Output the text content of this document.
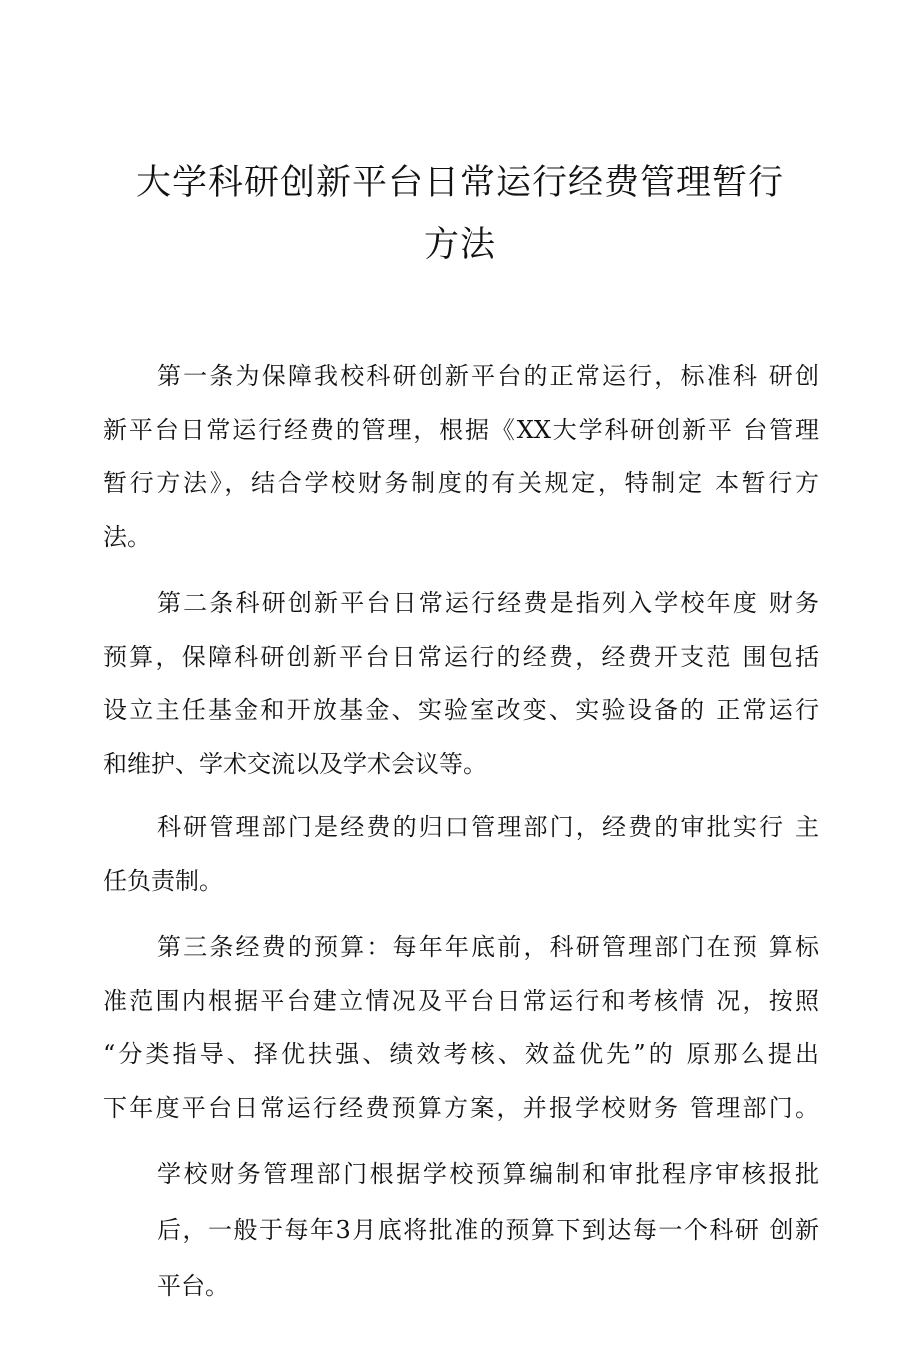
大学科研创新平台日常运行经费管理暂行
方法
第一条为保障我校科研创新平台的正常运行，标准科 研创
新平台日常运行经费的管理，根据《XX大学科研创新平 台管理
暂行方法》，结合学校财务制度的有关规定，特制定 本暂行方
法。
第二条科研创新平台日常运行经费是指列入学校年度 财务
预算，保障科研创新平台日常运行的经费，经费开支范 围包括
设立主任基金和开放基金、实验室改变、实验设备的 正常运行
和维护、学术交流以及学术会议等。
科研管理部门是经费的归口管理部门，经费的审批实行 主
任负责制。
第三条经费的预算：每年年底前，科研管理部门在预 算标
准范围内根据平台建立情况及平台日常运行和考核情 况，按照
“分类指导、择优扶强、绩效考核、效益优先”的 原那么提出
下年度平台日常运行经费预算方案，并报学校财务 管理部门。
学校财务管理部门根据学校预算编制和审批程序审核报批
后，一般于每年3月底将批准的预算下到达每一个科研 创新
平台。
